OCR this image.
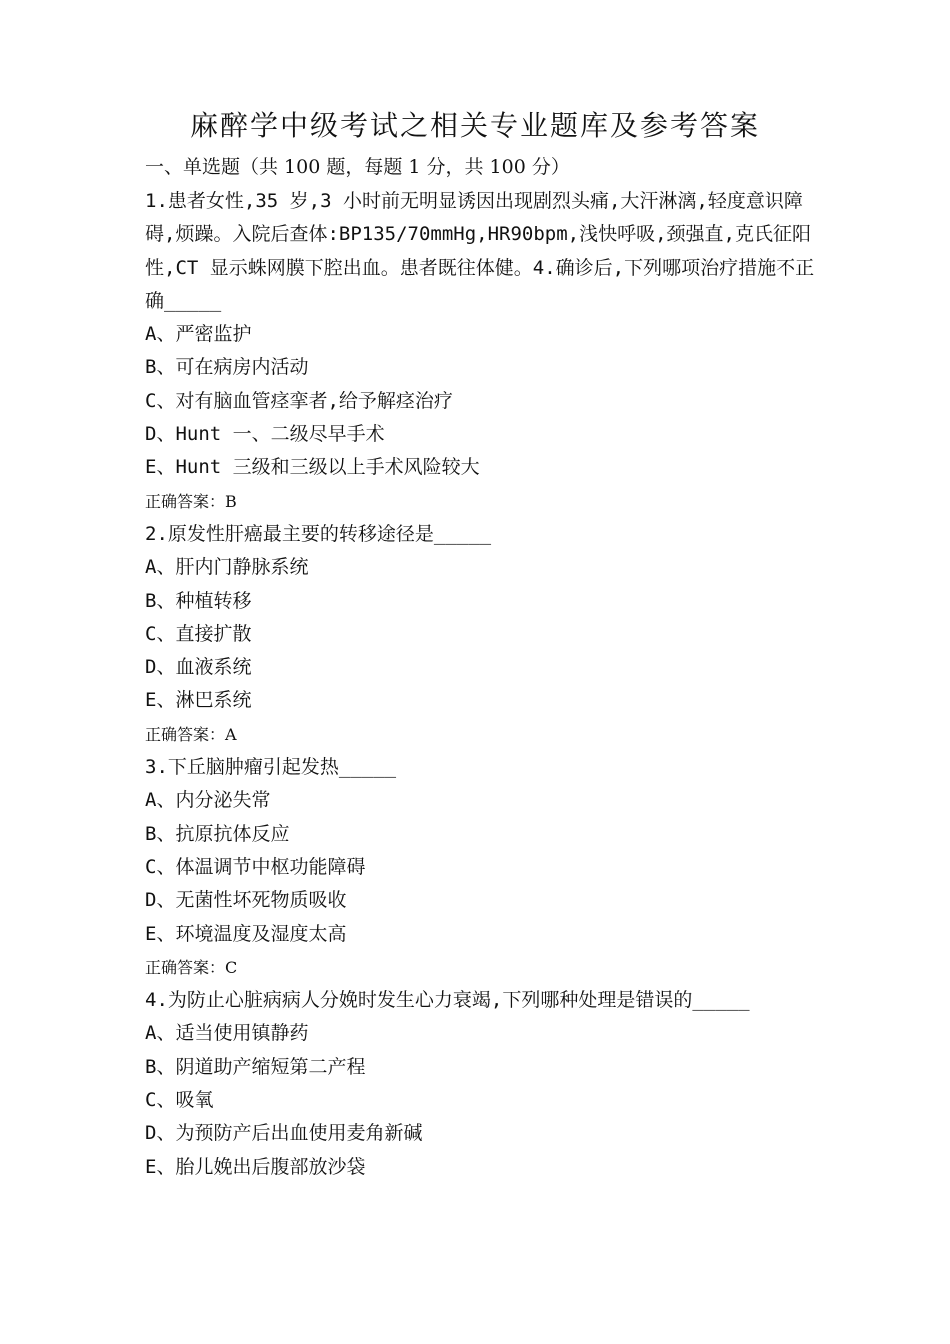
麻醉学中级考试之相关专业题库及参考答案
一、单选题（共 100 题，每题 1 分，共 100 分）

1.患者女性,35 岁,3 小时前无明显诱因出现剧烈头痛,大汗淋漓,轻度意识障碍,烦躁。入院后查体:BP135/70mmHg,HR90bpm,浅快呼吸,颈强直,克氏征阳性,CT 显示蛛网膜下腔出血。患者既往体健。4.确诊后,下列哪项治疗措施不正确_____

A、严密监护

B、可在病房内活动

C、对有脑血管痉挛者,给予解痉治疗

D、Hunt 一、二级尽早手术

E、Hunt 三级和三级以上手术风险较大

正确答案：B

2.原发性肝癌最主要的转移途径是_____

A、肝内门静脉系统

B、种植转移

C、直接扩散

D、血液系统

E、淋巴系统

正确答案：A

3.下丘脑肿瘤引起发热_____

A、内分泌失常

B、抗原抗体反应

C、体温调节中枢功能障碍

D、无菌性坏死物质吸收

E、环境温度及湿度太高

正确答案：C

4.为防止心脏病病人分娩时发生心力衰竭,下列哪种处理是错误的_____

A、适当使用镇静药

B、阴道助产缩短第二产程

C、吸氧

D、为预防产后出血使用麦角新碱

E、胎儿娩出后腹部放沙袋
